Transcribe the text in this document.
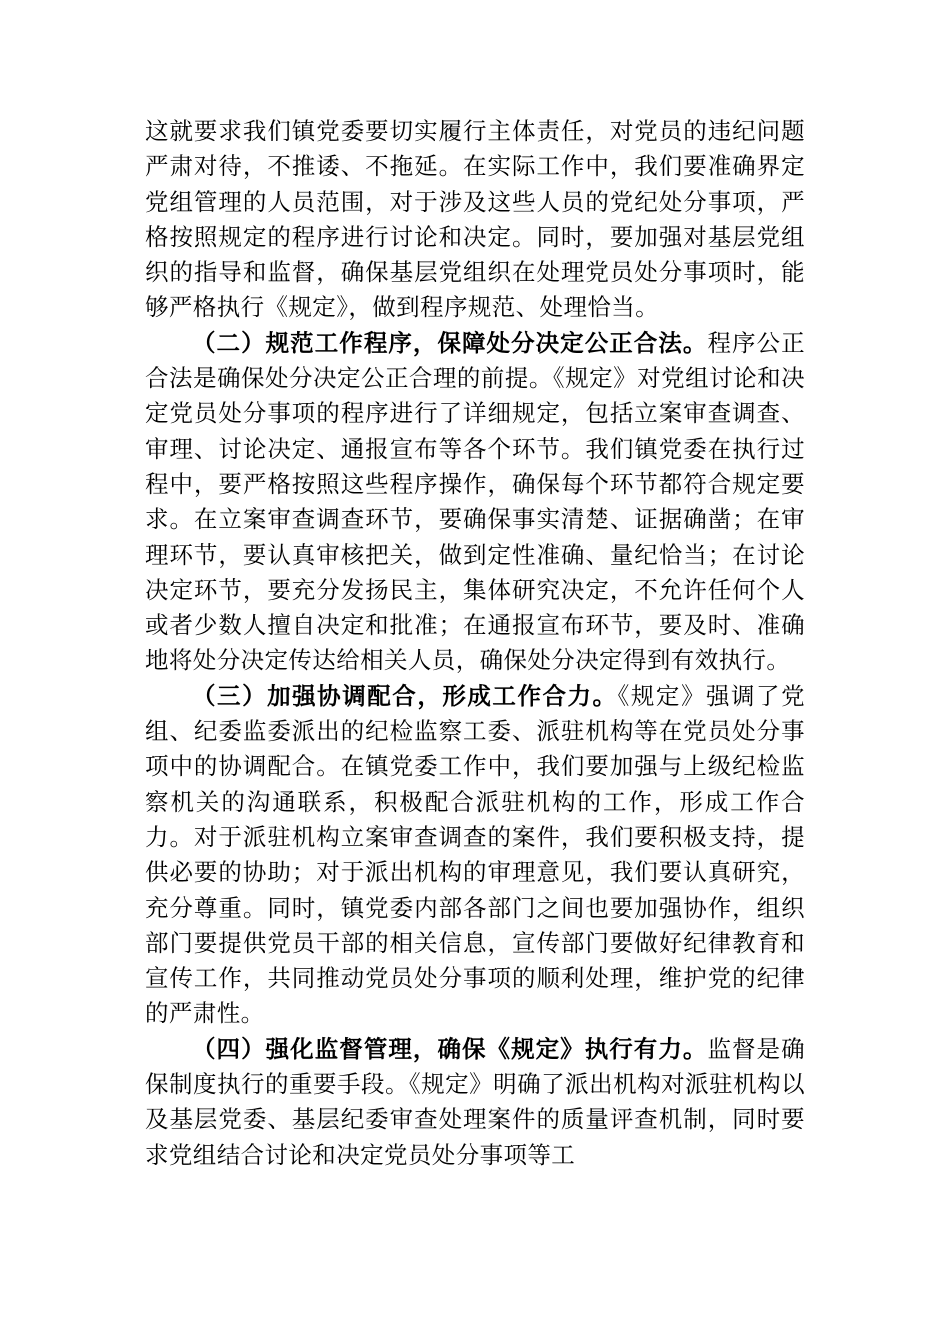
这就要求我们镇党委要切实履行主体责任，对党员的违纪问题严肃对待，不推诿、不拖延。在实际工作中，我们要准确界定党组管理的人员范围，对于涉及这些人员的党纪处分事项，严格按照规定的程序进行讨论和决定。同时，要加强对基层党组织的指导和监督，确保基层党组织在处理党员处分事项时，能够严格执行《规定》，做到程序规范、处理恰当。

（二）规范工作程序，保障处分决定公正合法。程序公正合法是确保处分决定公正合理的前提。《规定》对党组讨论和决定党员处分事项的程序进行了详细规定，包括立案审查调查、审理、讨论决定、通报宣布等各个环节。我们镇党委在执行过程中，要严格按照这些程序操作，确保每个环节都符合规定要求。在立案审查调查环节，要确保事实清楚、证据确凿；在审理环节，要认真审核把关，做到定性准确、量纪恰当；在讨论决定环节，要充分发扬民主，集体研究决定，不允许任何个人或者少数人擅自决定和批准；在通报宣布环节，要及时、准确地将处分决定传达给相关人员，确保处分决定得到有效执行。

（三）加强协调配合，形成工作合力。《规定》强调了党组、纪委监委派出的纪检监察工委、派驻机构等在党员处分事项中的协调配合。在镇党委工作中，我们要加强与上级纪检监察机关的沟通联系，积极配合派驻机构的工作，形成工作合力。对于派驻机构立案审查调查的案件，我们要积极支持，提供必要的协助；对于派出机构的审理意见，我们要认真研究，充分尊重。同时，镇党委内部各部门之间也要加强协作，组织部门要提供党员干部的相关信息，宣传部门要做好纪律教育和宣传工作，共同推动党员处分事项的顺利处理，维护党的纪律的严肃性。

（四）强化监督管理，确保《规定》执行有力。监督是确保制度执行的重要手段。《规定》明确了派出机构对派驻机构以及基层党委、基层纪委审查处理案件的质量评查机制，同时要求党组结合讨论和决定党员处分事项等工
